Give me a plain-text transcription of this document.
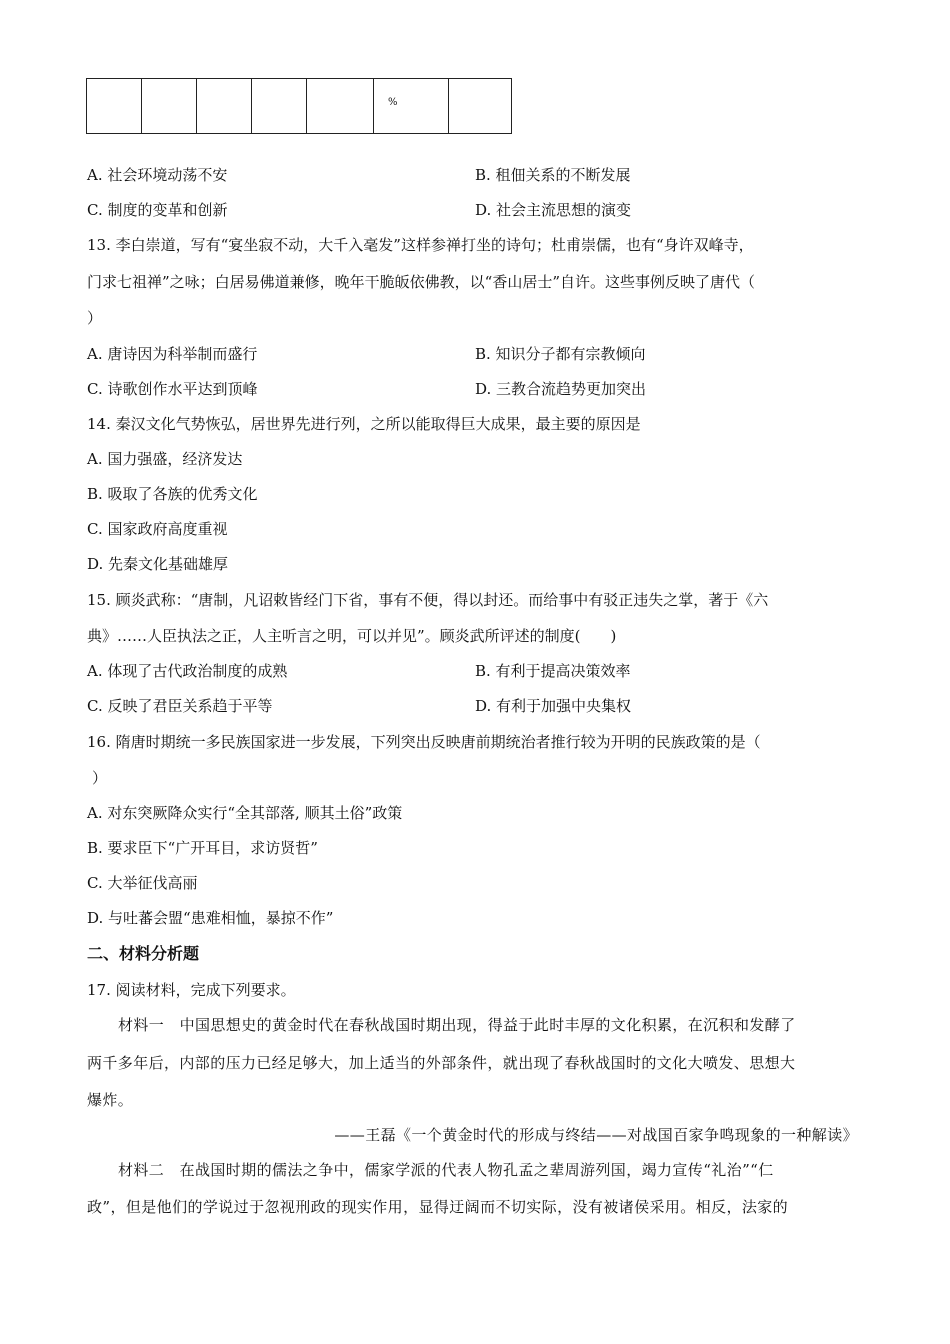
					%	
A. 社会环境动荡不安	B. 租佃关系的不断发展
C. 制度的变革和创新	D. 社会主流思想的演变
13. 李白崇道，写有“宴坐寂不动，大千入毫发”这样参禅打坐的诗句；杜甫崇儒，也有“身许双峰寺，
门求七祖禅”之咏；白居易佛道兼修，晚年干脆皈依佛教，以“香山居士”自许。这些事例反映了唐代（
）
A. 唐诗因为科举制而盛行	B. 知识分子都有宗教倾向
C. 诗歌创作水平达到顶峰	D. 三教合流趋势更加突出
14. 秦汉文化气势恢弘，居世界先进行列，之所以能取得巨大成果，最主要的原因是
A. 国力强盛，经济发达
B. 吸取了各族的优秀文化
C. 国家政府高度重视
D. 先秦文化基础雄厚
15. 顾炎武称：“唐制，凡诏敕皆经门下省，事有不便，得以封还。而给事中有驳正违失之掌，著于《六
典》……人臣执法之正，人主听言之明，可以并见”。顾炎武所评述的制度(　　)
A. 体现了古代政治制度的成熟	B. 有利于提高决策效率
C. 反映了君臣关系趋于平等	D. 有利于加强中央集权
16. 隋唐时期统一多民族国家进一步发展，下列突出反映唐前期统治者推行较为开明的民族政策的是（
）
A. 对东突厥降众实行“全其部落, 顺其土俗”政策
B. 要求臣下“广开耳目，求访贤哲”
C. 大举征伐高丽
D. 与吐蕃会盟“患难相恤，暴掠不作”
二、材料分析题
17. 阅读材料，完成下列要求。
材料一　中国思想史的黄金时代在春秋战国时期出现，得益于此时丰厚的文化积累，在沉积和发酵了
两千多年后，内部的压力已经足够大，加上适当的外部条件，就出现了春秋战国时的文化大喷发、思想大
爆炸。
——王磊《一个黄金时代的形成与终结——对战国百家争鸣现象的一种解读》
材料二　在战国时期的儒法之争中，儒家学派的代表人物孔孟之辈周游列国，竭力宣传“礼治”“仁
政”，但是他们的学说过于忽视刑政的现实作用，显得迂阔而不切实际，没有被诸侯采用。相反，法家的
